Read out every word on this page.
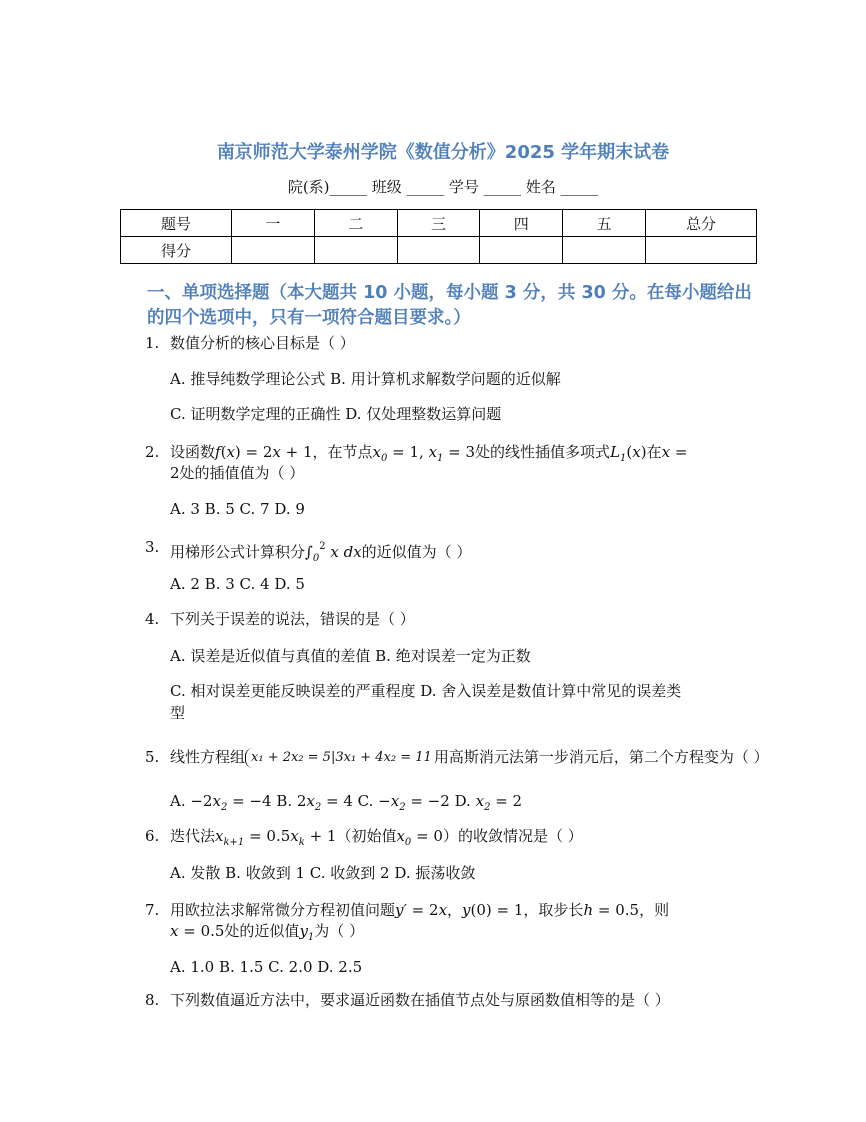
南京师范大学泰州学院《数值分析》2025 学年期末试卷
院(系)_____ 班级 _____ 学号 _____ 姓名 _____
题号	一	二	三	四	五	总分
得分						
一、单项选择题（本大题共 10 小题，每小题 3 分，共 30 分。在每小题给出的四个选项中，只有一项符合题目要求。）
1. 数值分析的核心目标是（ ）
A. 推导纯数学理论公式 B. 用计算机求解数学问题的近似解
C. 证明数学定理的正确性 D. 仅处理整数运算问题
2. 设函数f(x) = 2x + 1，在节点$x_0 = 1$, $x_1 = 3$处的线性插值多项式$L_1(x)$在x =
2处的插值值为（ ）
A. 3 B. 5 C. 7 D. 9
3. 用梯形公式计算积分$\int_0^2$ x dx的近似值为（ ）
A. 2 B. 3 C. 4 D. 5
4. 下列关于误差的说法，错误的是（ ）
A. 误差是近似值与真值的差值 B. 绝对误差一定为正数
C. 相对误差更能反映误差的严重程度 D. 舍入误差是数值计算中常见的误差类
型
5. 线性方程组 x₁ + 2x₂ = 5|3x₁ + 4x₂ = 11 用高斯消元法第一步消元后，第二个方程变为（ ）
A. $-2x_2 = -4$ B. $2x_2 = 4$ C. $-x_2 = -2$ D. $x_2 = 2$
6. 迭代法$x_{k+1} = 0.5x_k + 1$（初始值$x_0 = 0$）的收敛情况是（ ）
A. 发散 B. 收敛到 1 C. 收敛到 2 D. 振荡收敛
7. 用欧拉法求解常微分方程初值问题y′ = 2x，y(0) = 1，取步长h = 0.5，则
x = 0.5处的近似值$y_1$为（ ）
A. 1.0 B. 1.5 C. 2.0 D. 2.5
8. 下列数值逼近方法中，要求逼近函数在插值节点处与原函数值相等的是（ ）
